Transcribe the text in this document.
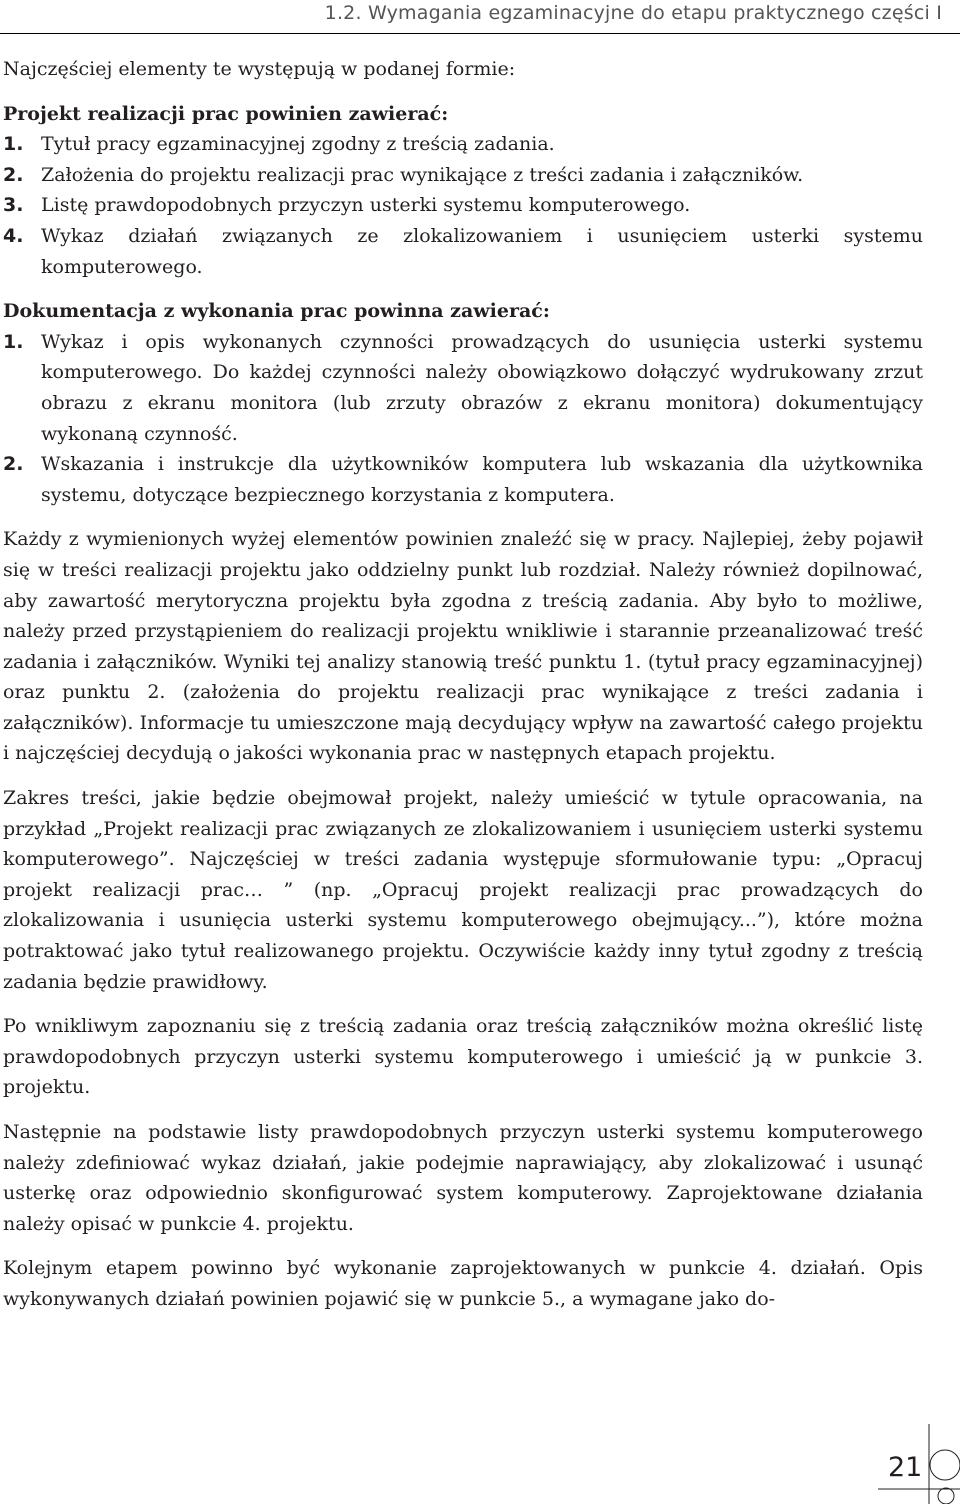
1.2. Wymagania egzaminacyjne do etapu praktycznego części I

Najczęściej elementy te występują w podanej formie:

Projekt realizacji prac powinien zawierać:

1. Tytuł pracy egzaminacyjnej zgodny z treścią zadania.
2. Założenia do projektu realizacji prac wynikające z treści zadania i załączników.
3. Listę prawdopodobnych przyczyn usterki systemu komputerowego.
4. Wykaz działań związanych ze zlokalizowaniem i usunięciem usterki systemu komputerowego.

Dokumentacja z wykonania prac powinna zawierać:

1. Wykaz i opis wykonanych czynności prowadzących do usunięcia usterki systemu komputerowego. Do każdej czynności należy obowiązkowo dołączyć wydrukowany zrzut obrazu z ekranu monitora (lub zrzuty obrazów z ekranu monitora) dokumentujący wykonaną czynność.
2. Wskazania i instrukcje dla użytkowników komputera lub wskazania dla użytkownika systemu, dotyczące bezpiecznego korzystania z komputera.

Każdy z wymienionych wyżej elementów powinien znaleźć się w pracy. Najlepiej, żeby pojawił się w treści realizacji projektu jako oddzielny punkt lub rozdział. Należy również dopilnować, aby zawartość merytoryczna projektu była zgodna z treścią zadania. Aby było to możliwe, należy przed przystąpieniem do realizacji projektu wnikliwie i starannie przeanalizować treść zadania i załączników. Wyniki tej analizy stanowią treść punktu 1. (tytuł pracy egzaminacyjnej) oraz punktu 2. (założenia do projektu realizacji prac wynikające z treści zadania i załączników). Informacje tu umieszczone mają decydujący wpływ na zawartość całego projektu i najczęściej decydują o jakości wykonania prac w następnych etapach projektu.

Zakres treści, jakie będzie obejmował projekt, należy umieścić w tytule opracowania, na przykład „Projekt realizacji prac związanych ze zlokalizowaniem i usunięciem usterki systemu komputerowego”. Najczęściej w treści zadania występuje sformułowanie typu: „Opracuj projekt realizacji prac… ” (np. „Opracuj projekt realizacji prac prowadzących do zlokalizowania i usunięcia usterki systemu komputerowego obejmujący...”), które można potraktować jako tytuł realizowanego projektu. Oczywiście każdy inny tytuł zgodny z treścią zadania będzie prawidłowy.

Po wnikliwym zapoznaniu się z treścią zadania oraz treścią załączników można określić listę prawdopodobnych przyczyn usterki systemu komputerowego i umieścić ją w punkcie 3. projektu.

Następnie na podstawie listy prawdopodobnych przyczyn usterki systemu komputerowego należy zdefiniować wykaz działań, jakie podejmie naprawiający, aby zlokalizować i usunąć usterkę oraz odpowiednio skonfigurować system komputerowy. Zaprojektowane działania należy opisać w punkcie 4. projektu.

Kolejnym etapem powinno być wykonanie zaprojektowanych w punkcie 4. działań. Opis wykonywanych działań powinien pojawić się w punkcie 5., a wymagane jako do-

21
